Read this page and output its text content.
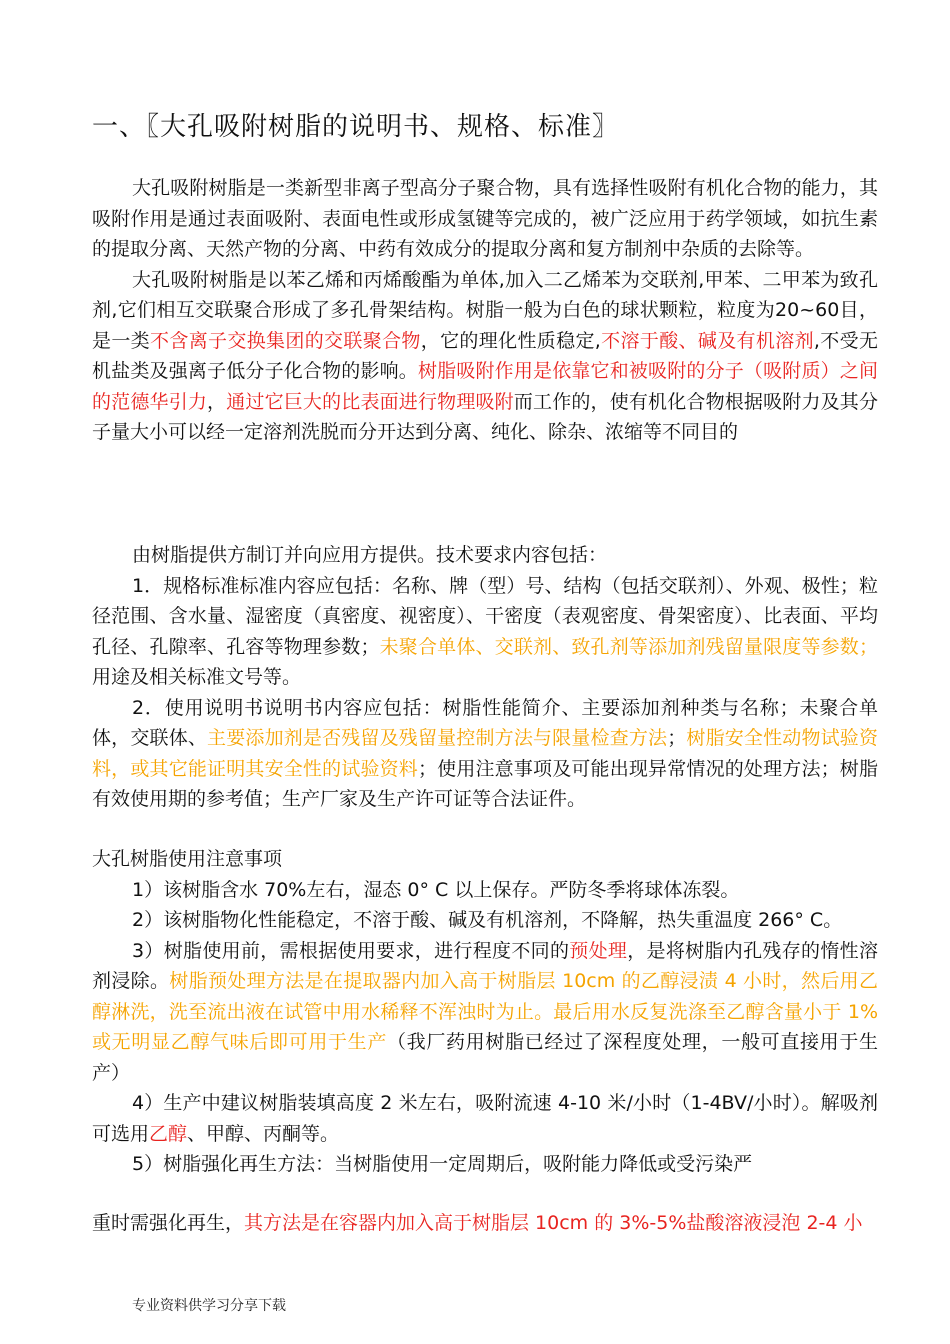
一、〖大孔吸附树脂的说明书、规格、标准〗

大孔吸附树脂是一类新型非离子型高分子聚合物，具有选择性吸附有机化合物的能力，其吸附作用是通过表面吸附、表面电性或形成氢键等完成的，被广泛应用于药学领域，如抗生素的提取分离、天然产物的分离、中药有效成分的提取分离和复方制剂中杂质的去除等。

大孔吸附树脂是以苯乙烯和丙烯酸酯为单体,加入二乙烯苯为交联剂,甲苯、二甲苯为致孔剂,它们相互交联聚合形成了多孔骨架结构。树脂一般为白色的球状颗粒，粒度为20~60目，是一类不含离子交换集团的交联聚合物，它的理化性质稳定,不溶于酸、碱及有机溶剂,不受无机盐类及强离子低分子化合物的影响。树脂吸附作用是依靠它和被吸附的分子（吸附质）之间的范德华引力，通过它巨大的比表面进行物理吸附而工作的，使有机化合物根据吸附力及其分子量大小可以经一定溶剂洗脱而分开达到分离、纯化、除杂、浓缩等不同目的

由树脂提供方制订并向应用方提供。技术要求内容包括：

1．规格标准标准内容应包括：名称、牌（型）号、结构（包括交联剂）、外观、极性；粒径范围、含水量、湿密度（真密度、视密度）、干密度（表观密度、骨架密度）、比表面、平均孔径、孔隙率、孔容等物理参数；未聚合单体、交联剂、致孔剂等添加剂残留量限度等参数；用途及相关标准文号等。

2．使用说明书说明书内容应包括：树脂性能简介、主要添加剂种类与名称；未聚合单体，交联体、主要添加剂是否残留及残留量控制方法与限量检查方法；树脂安全性动物试验资料，或其它能证明其安全性的试验资料；使用注意事项及可能出现异常情况的处理方法；树脂有效使用期的参考值；生产厂家及生产许可证等合法证件。

大孔树脂使用注意事项

1）该树脂含水 70%左右，湿态 0° C 以上保存。严防冬季将球体冻裂。

2）该树脂物化性能稳定，不溶于酸、碱及有机溶剂，不降解，热失重温度 266° C。

3）树脂使用前，需根据使用要求，进行程度不同的预处理，是将树脂内孔残存的惰性溶剂浸除。树脂预处理方法是在提取器内加入高于树脂层 10cm 的乙醇浸渍 4 小时，然后用乙醇淋洗，洗至流出液在试管中用水稀释不浑浊时为止。最后用水反复洗涤至乙醇含量小于 1%或无明显乙醇气味后即可用于生产（我厂药用树脂已经过了深程度处理，一般可直接用于生产）

4）生产中建议树脂装填高度 2 米左右，吸附流速 4-10 米/小时（1-4BV/小时）。解吸剂可选用乙醇、甲醇、丙酮等。

5）树脂强化再生方法：当树脂使用一定周期后，吸附能力降低或受污染严

重时需强化再生，其方法是在容器内加入高于树脂层 10cm 的 3%-5%盐酸溶液浸泡 2-4 小

专业资料供学习分享下载
